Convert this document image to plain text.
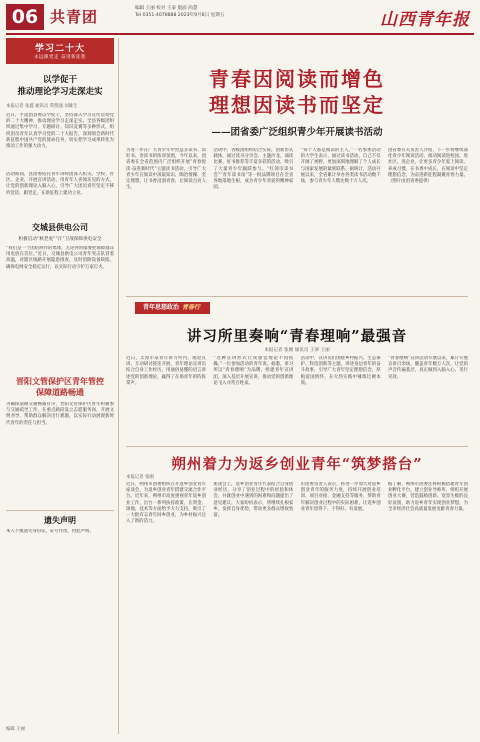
06 共青团	编辑 王丽 校对 王泰 版面 尚慧
Tel 0351-4078888 2023年9月8日 星期五	山西青年报
学习二十大
永远跟党走 奋进新征程
以学促干
推动理论学习走深走实
本报记者 张鑫 通讯员 常凯强 刘雄生
近日，平遥团县委以学促干，坚持深入学习宣传贯彻党的二十大精神，推动理论学习走深走实。全县各级团组织通过集中学习、专题研讨、知识竞赛等多种形式，组织团员青年认真学习党的二十大报告，深刻领会新时代新征程中国共产党的使命任务，切实把学习成果转化为推动工作的强大动力。
活动期间，县团委依托青年讲师团深入机关、学校、社区、企业，开展宣讲活动，用青年人喜闻乐见的方式，让党的创新理论入脑入心，引导广大团员青年坚定不移听党话、跟党走，在新征程上建功立业。
交城县供电公司
积极启动“秋老虎”“汗”卫战保障供电安全
“我们是一个团结协作的集体，无论何时都要把保障群众用电放在首位。”近日，交城县供电公司青年突击队冒着高温，对辖区线路开展隐患排查，及时消除设备缺陷，确保电网安全稳定运行，以实际行动守护万家灯火。
晋阳文管保护区青年管控
保障道路畅通
为确保道路交通畅通有序，晋阳文管保护区青年积极参与交通疏导工作，在重点路段设立志愿服务岗，开展文明劝导，帮助群众解决出行难题，以实际行动展现新时代青年的责任与担当。
遗失声明
本人不慎遗失身份证，证号作废，特此声明。
青春因阅读而增色
理想因读书而坚定
——团省委广泛组织青少年开展读书活动
为进一步在广大青少年中营造多读书、读好书、善读书的浓厚氛围，今年以来，团省委在全省范围内广泛组织开展“青春悦读·奋进新时代”主题读书活动，引导广大青少年在阅读中汲取知识、陶冶情操、坚定理想，让书香浸润青春，让阅读点亮人生。
活动中，各级团组织结合实际，创新形式载体，通过读书分享会、主题沙龙、诵读比赛、好书推荐等丰富多彩的活动，吸引了大量青少年踊跃参与。“红领巾读书会”“青年读书角”等一批品牌项目在全省各地落地生根，成为青少年喜爱的精神家园。
“每个人都是阅读的主人。”一名参加活动的大学生表示，通过读书活动，自己不仅开阔了视野，更加深刻地理解了个人成长与国家发展的紧密联系。据统计，活动开展以来，全省累计举办各类读书活动数千场，参与青少年人数达数十万人次。
团省委有关负责人介绍，下一步将继续深化青少年阅读活动，推动阅读进校园、进社区、进企业，让更多青少年爱上阅读、养成习惯，在书香中成长，在阅读中坚定理想信念，为奋进新征程凝聚青春力量。（图片由团省委提供）
青年思想政治 青春行
讲习所里奏响“青春理响”最强音
本报记者 张刚 通讯员 王翠 王丽
近日，太原市某青年讲习所内，理论宣讲、互动研讨接连开展，青年理论宣讲员结合自身工作经历，用通俗易懂的语言讲述党的创新理论，赢得了在场青年的阵阵掌声。
“这种宣讲形式让我感觉理论不再枯燥。”一位参加活动的青年说。据悉，讲习所以“青春理响”为品牌，组建青年宣讲团，深入基层开展宣讲，推动党的创新理论飞入寻常百姓家。
活动中，宣讲员们围绕乡村振兴、生态保护、科技创新等主题，讲述身边青年的奋斗故事，引导广大青年坚定理想信念，厚植爱国情怀，在火热实践中锤炼过硬本领。
“青春理响”宣讲活动开展以来，累计开展宣讲百余场，覆盖青年数万人次，让党的声音传遍基层，真正做到入脑入心、见行见效。
朔州着力为返乡创业青年“筑梦搭台”
本报记者 张刚
近日，朔州市团委组织召开返乡创业青年座谈会，为返乡创业青年搭建交流合作平台。近年来，朔州市高度重视青年返乡创业工作，出台一系列扶持政策，在资金、场地、技术等方面给予大力支持，吸引了一大批有志青年回乡创业，为乡村振兴注入了新的活力。
座谈会上，返乡创业青年代表结合自身创业经历，分享了创业过程中的经验和体会，并就创业中遇到的困难和问题提出了意见建议。大家纷纷表示，将继续扎根家乡，发挥自身优势，带动更多群众增收致富。
市团委负责人表示，将进一步加大对返乡创业青年的服务力度，持续开展创业培训、项目对接、金融支持等服务，帮助青年解决创业过程中的实际困难，让返乡创业青年留得下、干得好、有发展。
据了解，朔州市团委还将积极搭建青年创业孵化平台，建立创业导师库，组织开展创业大赛，营造鼓励创新、宽容失败的良好氛围，助力返乡青年实现创业梦想，为全市经济社会高质量发展贡献青春力量。
编辑 王丽
